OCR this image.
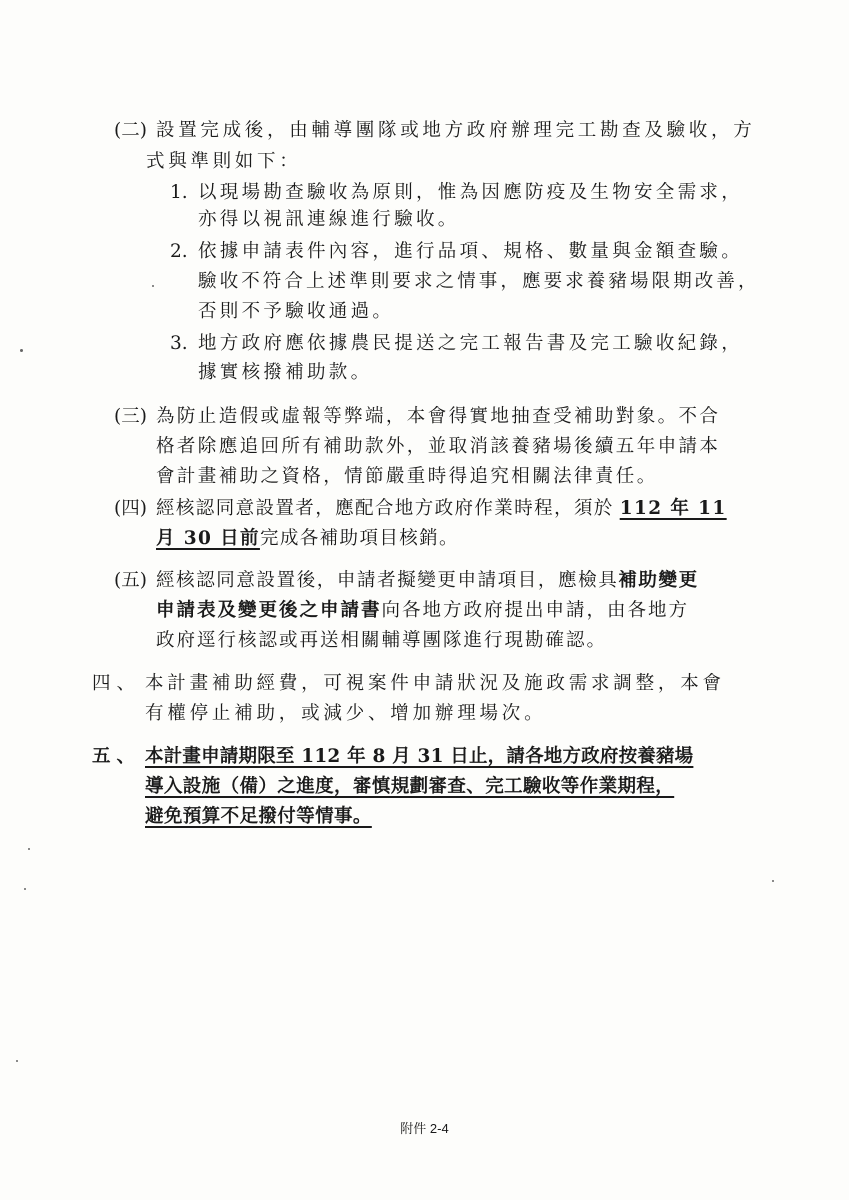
(二) 設置完成後，由輔導團隊或地方政府辦理完工勘查及驗收，方
式與準則如下：
1. 以現場勘查驗收為原則，惟為因應防疫及生物安全需求，
亦得以視訊連線進行驗收。
2. 依據申請表件內容，進行品項、規格、數量與金額查驗。
驗收不符合上述準則要求之情事，應要求養豬場限期改善，
否則不予驗收通過。
3. 地方政府應依據農民提送之完工報告書及完工驗收紀錄，
據實核撥補助款。
(三) 為防止造假或虛報等弊端，本會得實地抽查受補助對象。不合
格者除應追回所有補助款外，並取消該養豬場後續五年申請本
會計畫補助之資格，情節嚴重時得追究相關法律責任。
(四) 經核認同意設置者，應配合地方政府作業時程，須於 112 年 11
月 30 日前完成各補助項目核銷。
(五) 經核認同意設置後，申請者擬變更申請項目，應檢具補助變更
申請表及變更後之申請書向各地方政府提出申請，由各地方
政府逕行核認或再送相關輔導團隊進行現勘確認。
四、 本計畫補助經費，可視案件申請狀況及施政需求調整，本會
有權停止補助，或減少、增加辦理場次。
五、 本計畫申請期限至 112 年 8 月 31 日止，請各地方政府按養豬場
導入設施（備）之進度，審慎規劃審查、完工驗收等作業期程，
避免預算不足撥付等情事。
附件 2-4
